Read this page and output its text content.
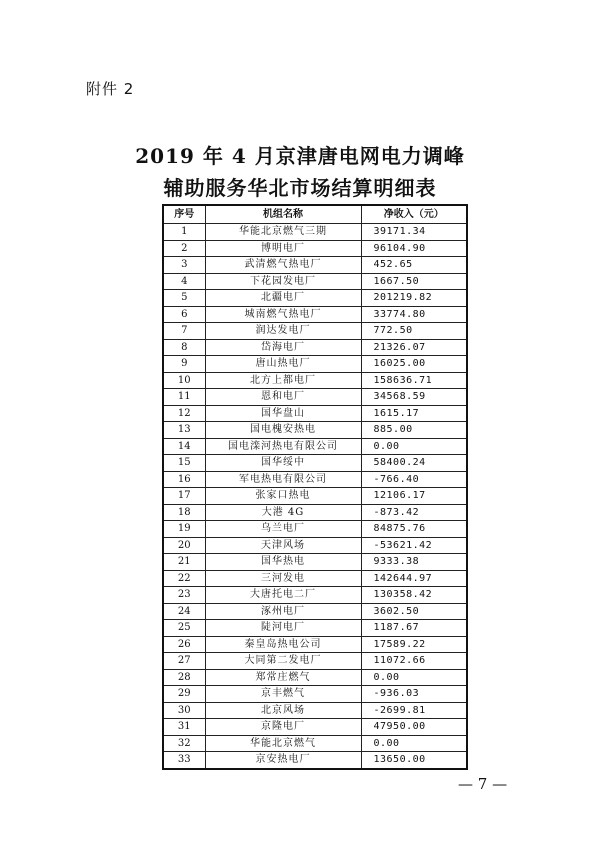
附件 2
2019 年 4 月京津唐电网电力调峰
辅助服务华北市场结算明细表
序号	机组名称	净收入（元）
1	华能北京燃气三期	39171.34
2	博明电厂	96104.90
3	武清燃气热电厂	452.65
4	下花园发电厂	1667.50
5	北疆电厂	201219.82
6	城南燃气热电厂	33774.80
7	润达发电厂	772.50
8	岱海电厂	21326.07
9	唐山热电厂	16025.00
10	北方上都电厂	158636.71
11	恩和电厂	34568.59
12	国华盘山	1615.17
13	国电槐安热电	885.00
14	国电滦河热电有限公司	0.00
15	国华绥中	58400.24
16	军电热电有限公司	-766.40
17	张家口热电	12106.17
18	大港 4G	-873.42
19	乌兰电厂	84875.76
20	天津风场	-53621.42
21	国华热电	9333.38
22	三河发电	142644.97
23	大唐托电二厂	130358.42
24	涿州电厂	3602.50
25	陡河电厂	1187.67
26	秦皇岛热电公司	17589.22
27	大同第二发电厂	11072.66
28	郑常庄燃气	0.00
29	京丰燃气	-936.03
30	北京风场	-2699.81
31	京隆电厂	47950.00
32	华能北京燃气	0.00
33	京安热电厂	13650.00
— 7 —
